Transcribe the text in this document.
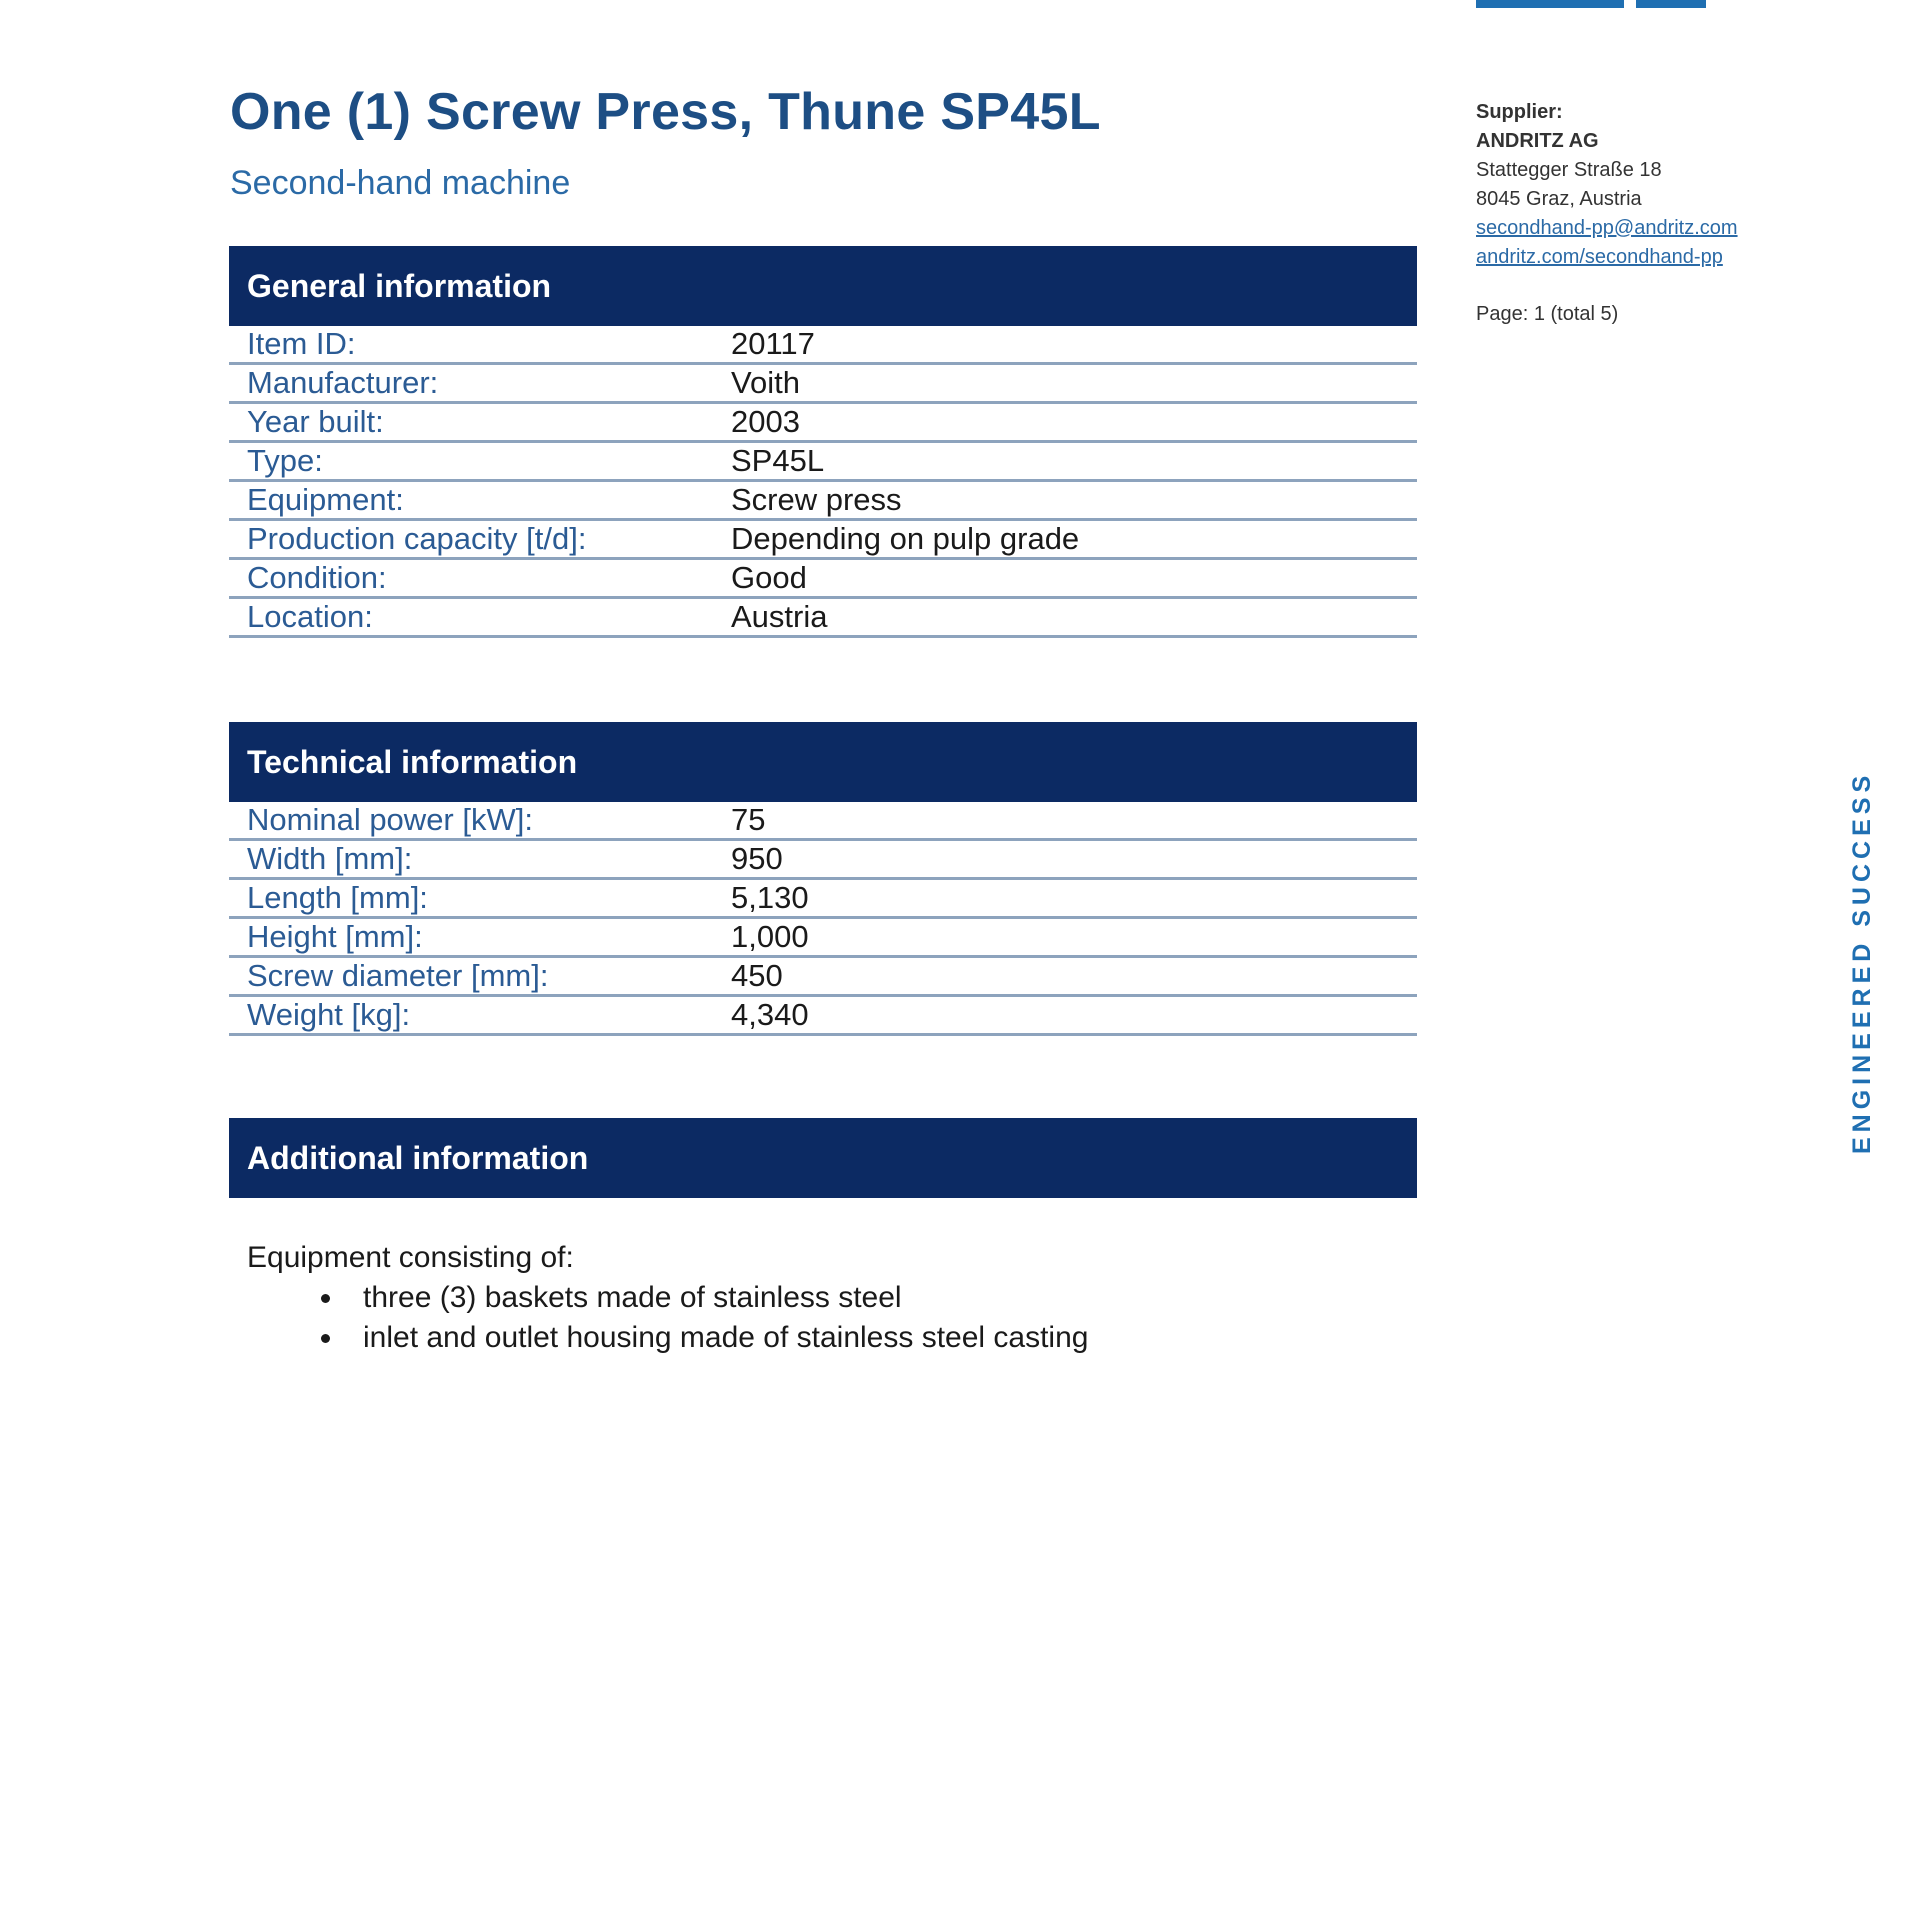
One (1) Screw Press, Thune SP45L
Second-hand machine
Supplier:
ANDRITZ AG
Stattegger Straße 18
8045 Graz, Austria
secondhand-pp@andritz.com
andritz.com/secondhand-pp
Page: 1 (total 5)
ENGINEERED SUCCESS
General information
Item ID:	20117
Manufacturer:	Voith
Year built:	2003
Type:	SP45L
Equipment:	Screw press
Production capacity [t/d]:	Depending on pulp grade
Condition:	Good
Location:	Austria
Technical information
Nominal power [kW]:	75
Width [mm]:	950
Length [mm]:	5,130
Height [mm]:	1,000
Screw diameter [mm]:	450
Weight [kg]:	4,340
Additional information
Equipment consisting of:
• three (3) baskets made of stainless steel
• inlet and outlet housing made of stainless steel casting
